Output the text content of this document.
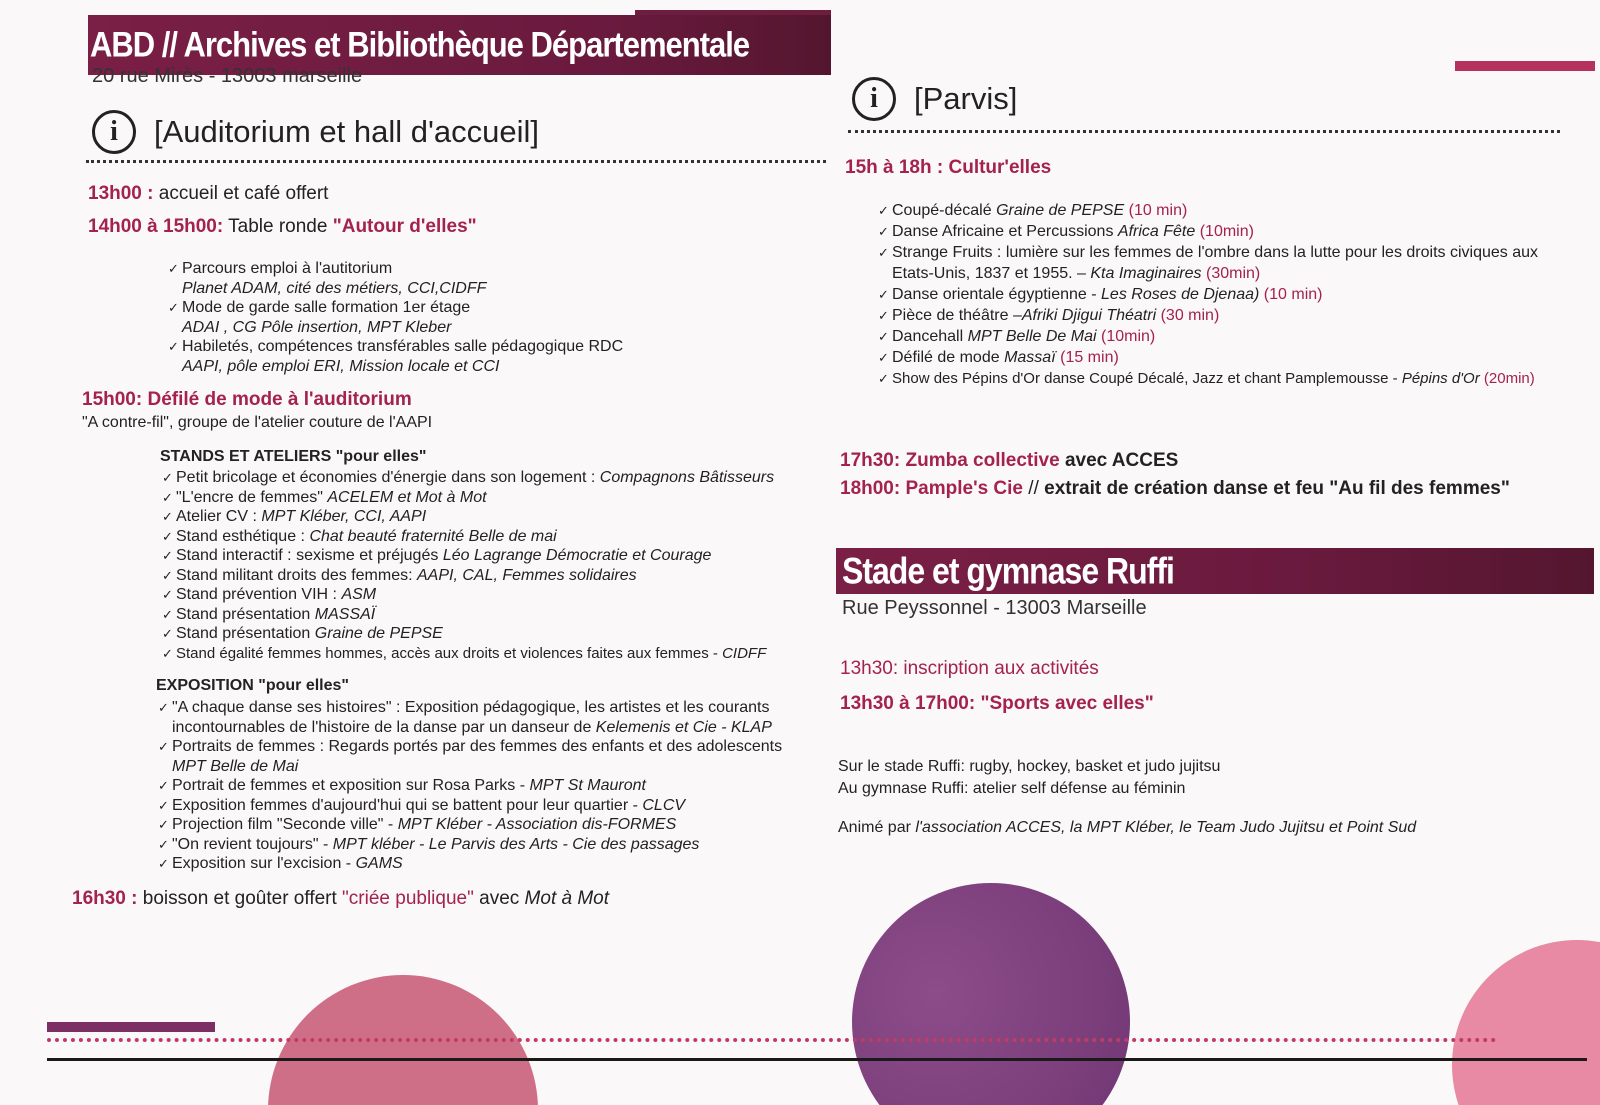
ABD // Archives et Bibliothèque Départementale
20 rue Mirès - 13003 marseille
i	[Auditorium et hall d'accueil]
13h00 : accueil et café offert
14h00 à 15h00: Table ronde "Autour d'elles"
✓ Parcours emploi à l'autitorium
Planet ADAM, cité des métiers, CCI,CIDFF
✓ Mode de garde salle formation 1er étage
ADAI , CG Pôle insertion, MPT Kleber
✓ Habiletés, compétences transférables salle pédagogique RDC
AAPI, pôle emploi ERI, Mission locale et CCI
15h00: Défilé de mode à l'auditorium
"A contre-fil", groupe de l'atelier couture de l'AAPI
STANDS ET ATELIERS "pour elles"
✓ Petit bricolage et économies d'énergie dans son logement : Compagnons Bâtisseurs
✓ "L'encre de femmes" ACELEM et Mot à Mot
✓ Atelier CV : MPT Kléber, CCI, AAPI
✓ Stand esthétique : Chat beauté fraternité Belle de mai
✓ Stand interactif : sexisme et préjugés Léo Lagrange Démocratie et Courage
✓ Stand militant droits des femmes: AAPI, CAL, Femmes solidaires
✓ Stand prévention VIH : ASM
✓ Stand présentation MASSAÏ
✓ Stand présentation Graine de PEPSE
✓ Stand égalité femmes hommes, accès aux droits et violences faites aux femmes - CIDFF
EXPOSITION "pour elles"
✓ "A chaque danse ses histoires" : Exposition pédagogique, les artistes et les courants
incontournables de l'histoire de la danse par un danseur de Kelemenis et Cie - KLAP
✓ Portraits de femmes : Regards portés par des femmes des enfants et des adolescents
MPT Belle de Mai
✓ Portrait de femmes et exposition sur Rosa Parks - MPT St Mauront
✓ Exposition femmes d'aujourd'hui qui se battent pour leur quartier - CLCV
✓ Projection film "Seconde ville" - MPT Kléber - Association dis-FORMES
✓ "On revient toujours" - MPT kléber - Le Parvis des Arts - Cie des passages
✓ Exposition sur l'excision - GAMS
16h30 : boisson et goûter offert "criée publique" avec Mot à Mot
i	[Parvis]
15h à 18h : Cultur'elles
✓ Coupé-décalé Graine de PEPSE (10 min)
✓ Danse Africaine et Percussions Africa Fête (10min)
✓ Strange Fruits : lumière sur les femmes de l'ombre dans la lutte pour les droits civiques aux
Etats-Unis, 1837 et 1955. – Kta Imaginaires (30min)
✓ Danse orientale égyptienne - Les Roses de Djenaa) (10 min)
✓ Pièce de théâtre –Afriki Djigui Théatri (30 min)
✓ Dancehall MPT Belle De Mai (10min)
✓ Défilé de mode Massaï (15 min)
✓ Show des Pépins d'Or danse Coupé Décalé, Jazz et chant Pamplemousse - Pépins d'Or (20min)
17h30: Zumba collective avec ACCES
18h00: Pample's Cie // extrait de création danse et feu "Au fil des femmes"
Stade et gymnase Ruffi
Rue Peyssonnel - 13003 Marseille
13h30: inscription aux activités
13h30 à 17h00: "Sports avec elles"
Sur le stade Ruffi: rugby, hockey, basket et judo jujitsu
Au gymnase Ruffi: atelier self défense au féminin
Animé par l'association ACCES, la MPT Kléber, le Team Judo Jujitsu et Point Sud
